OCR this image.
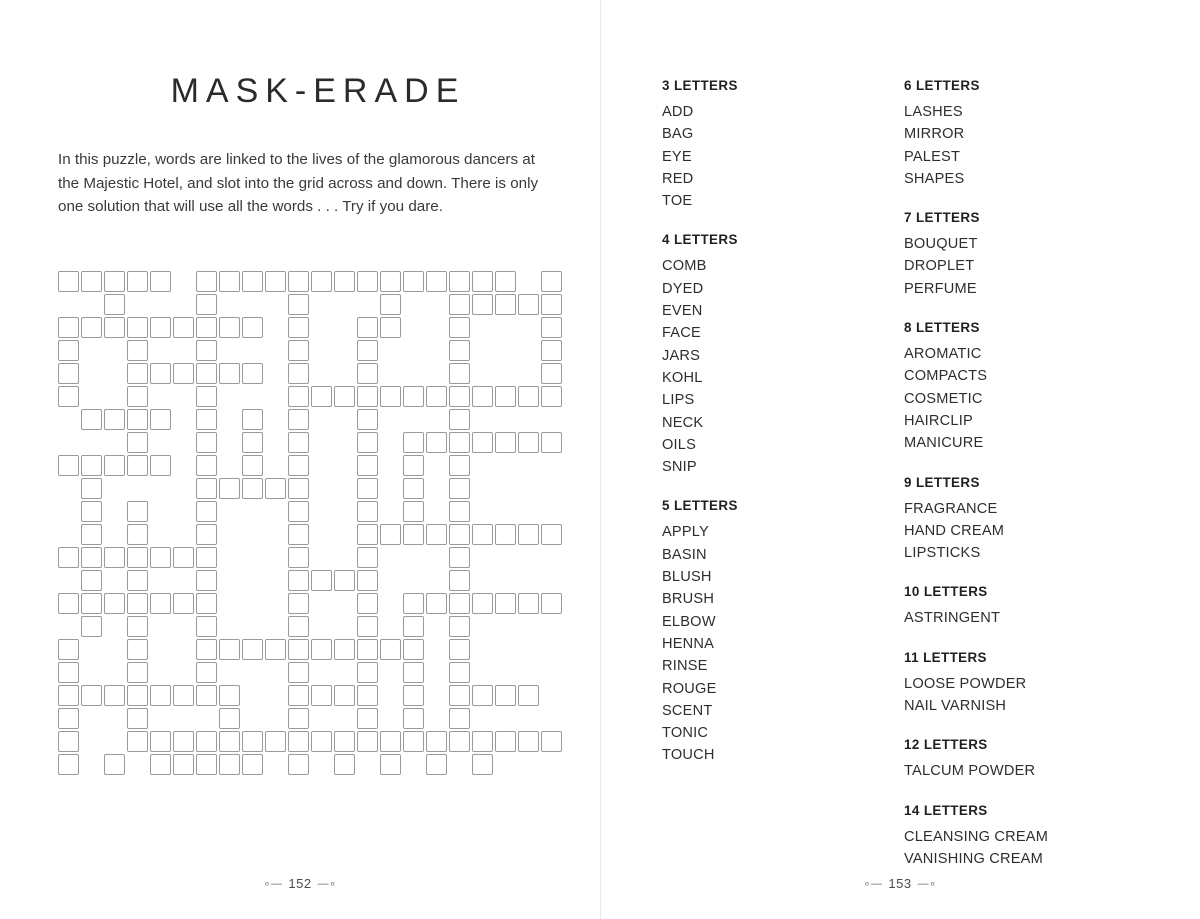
MASK-ERADE
In this puzzle, words are linked to the lives of the glamorous dancers at the Majestic Hotel, and slot into the grid across and down. There is only one solution that will use all the words . . . Try if you dare.
3 LETTERS
ADD
BAG
EYE
RED
TOE
4 LETTERS
COMB
DYED
EVEN
FACE
JARS
KOHL
LIPS
NECK
OILS
SNIP
5 LETTERS
APPLY
BASIN
BLUSH
BRUSH
ELBOW
HENNA
RINSE
ROUGE
SCENT
TONIC
TOUCH
6 LETTERS
LASHES
MIRROR
PALEST
SHAPES
7 LETTERS
BOUQUET
DROPLET
PERFUME
8 LETTERS
AROMATIC
COMPACTS
COSMETIC
HAIRCLIP
MANICURE
9 LETTERS
FRAGRANCE
HAND CREAM
LIPSTICKS
10 LETTERS
ASTRINGENT
11 LETTERS
LOOSE POWDER
NAIL VARNISH
12 LETTERS
TALCUM POWDER
14 LETTERS
CLEANSING CREAM
VANISHING CREAM
∘— 152 —∘	∘— 153 —∘
